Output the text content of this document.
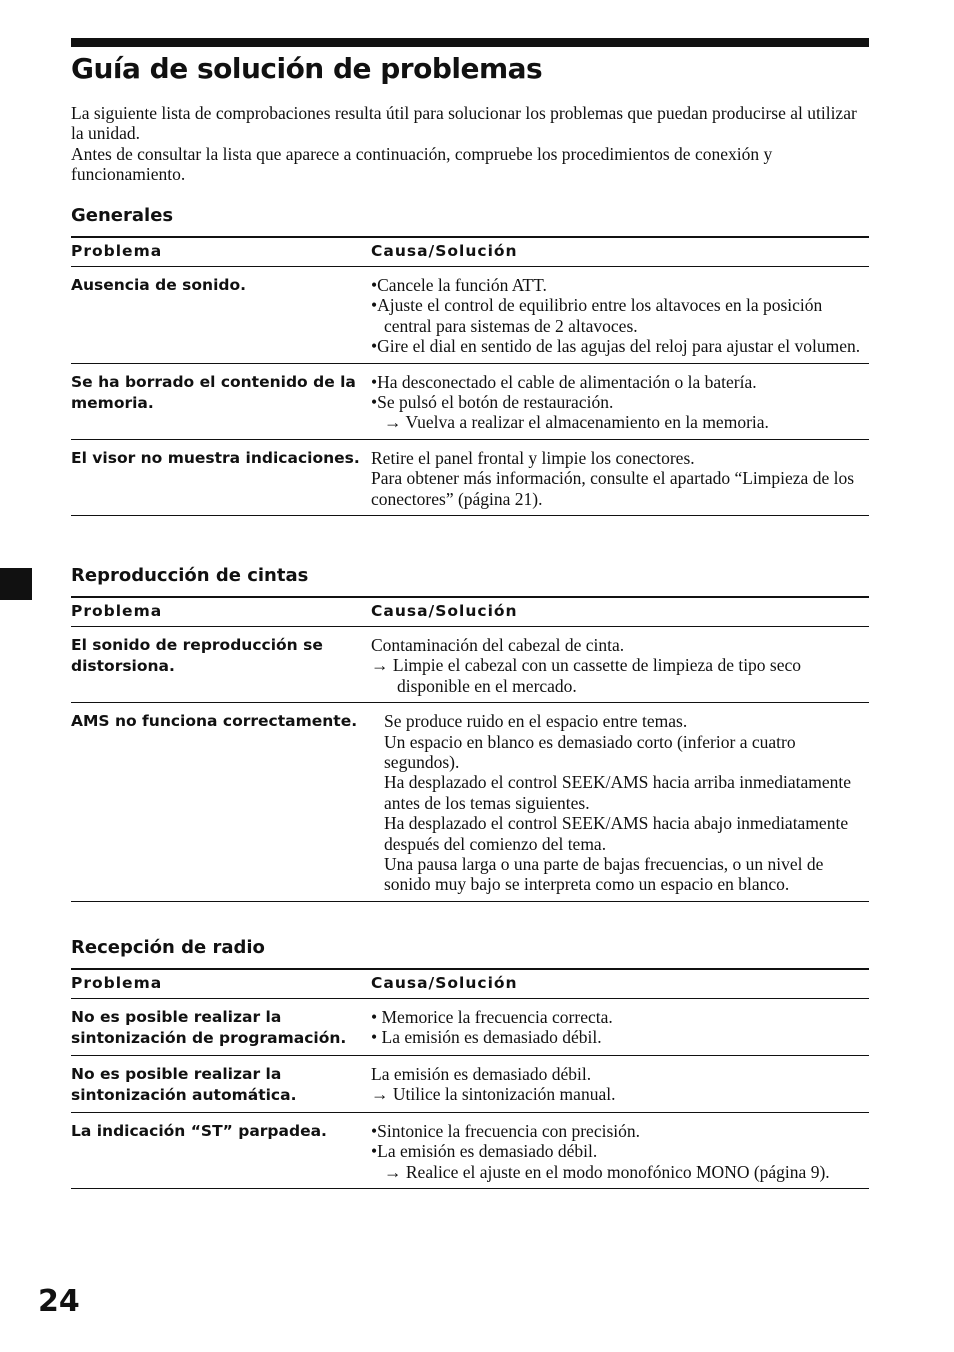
Guía de solución de problemas

La siguiente lista de comprobaciones resulta útil para solucionar los problemas que puedan producirse al utilizar la unidad.

Antes de consultar la lista que aparece a continuación, compruebe los procedimientos de conexión y funcionamiento.

Generales
Problema	Causa/Solución
Ausencia de sonido.	•Cancele la función ATT.
•Ajuste el control de equilibrio entre los altavoces en la posición central para sistemas de 2 altavoces.
•Gire el dial en sentido de las agujas del reloj para ajustar el volumen.

Se ha borrado el contenido de la memoria.	•Ha desconectado el cable de alimentación o la batería.
•Se pulsó el botón de restauración.
→ Vuelva a realizar el almacenamiento en la memoria.

El visor no muestra indicaciones.	Retire el panel frontal y limpie los conectores.
Para obtener más información, consulte el apartado “Limpieza de los conectores” (página 21).
Reproducción de cintas
Problema	Causa/Solución
El sonido de reproducción se distorsiona.	Contaminación del cabezal de cinta.
→ Limpie el cabezal con un cassette de limpieza de tipo seco disponible en el mercado.

AMS no funciona correctamente.	Se produce ruido en el espacio entre temas.
Un espacio en blanco es demasiado corto (inferior a cuatro segundos).
Ha desplazado el control SEEK/AMS hacia arriba inmediatamente antes de los temas siguientes.
Ha desplazado el control SEEK/AMS hacia abajo inmediatamente después del comienzo del tema.
Una pausa larga o una parte de bajas frecuencias, o un nivel de sonido muy bajo se interpreta como un espacio en blanco.
Recepción de radio
Problema	Causa/Solución
No es posible realizar la sintonización de programación.	• Memorice la frecuencia correcta.
• La emisión es demasiado débil.

No es posible realizar la sintonización automática.	La emisión es demasiado débil.
→ Utilice la sintonización manual.

La indicación “ST” parpadea.	•Sintonice la frecuencia con precisión.
•La emisión es demasiado débil.
→ Realice el ajuste en el modo monofónico MONO (página 9).
24
